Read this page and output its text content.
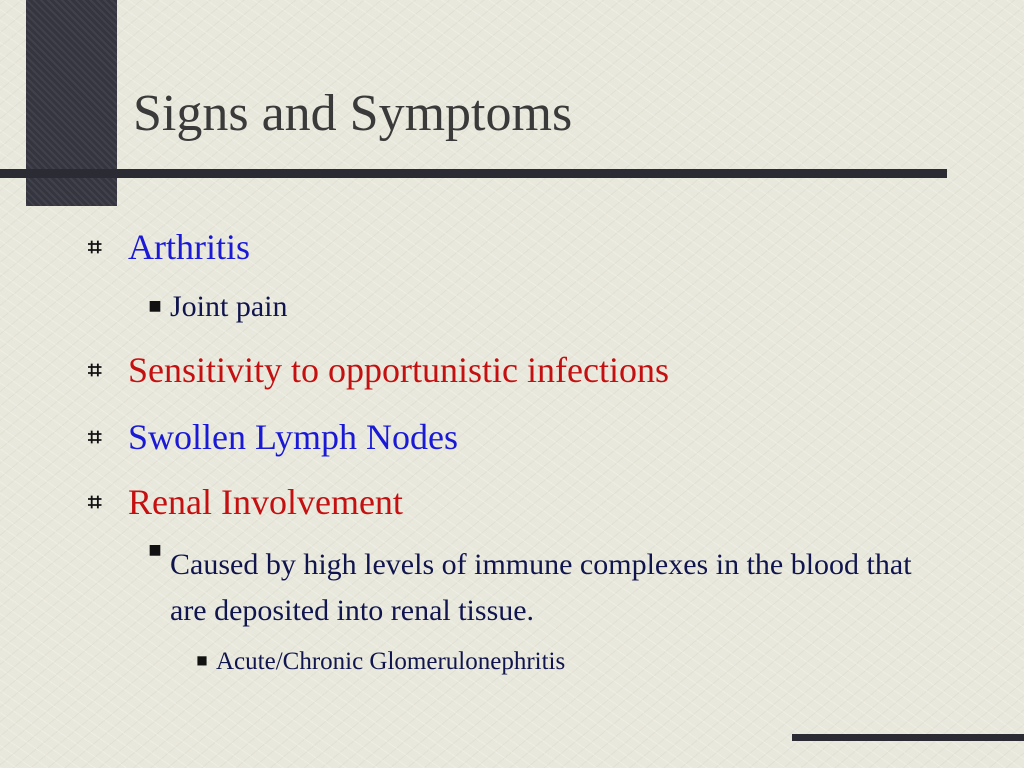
Signs and Symptoms
⌗ Arthritis
■ Joint pain
⌗ Sensitivity to opportunistic infections
⌗ Swollen Lymph Nodes
⌗ Renal Involvement
■ Caused by high levels of immune complexes in the blood that are deposited into renal tissue.
■ Acute/Chronic Glomerulonephritis
